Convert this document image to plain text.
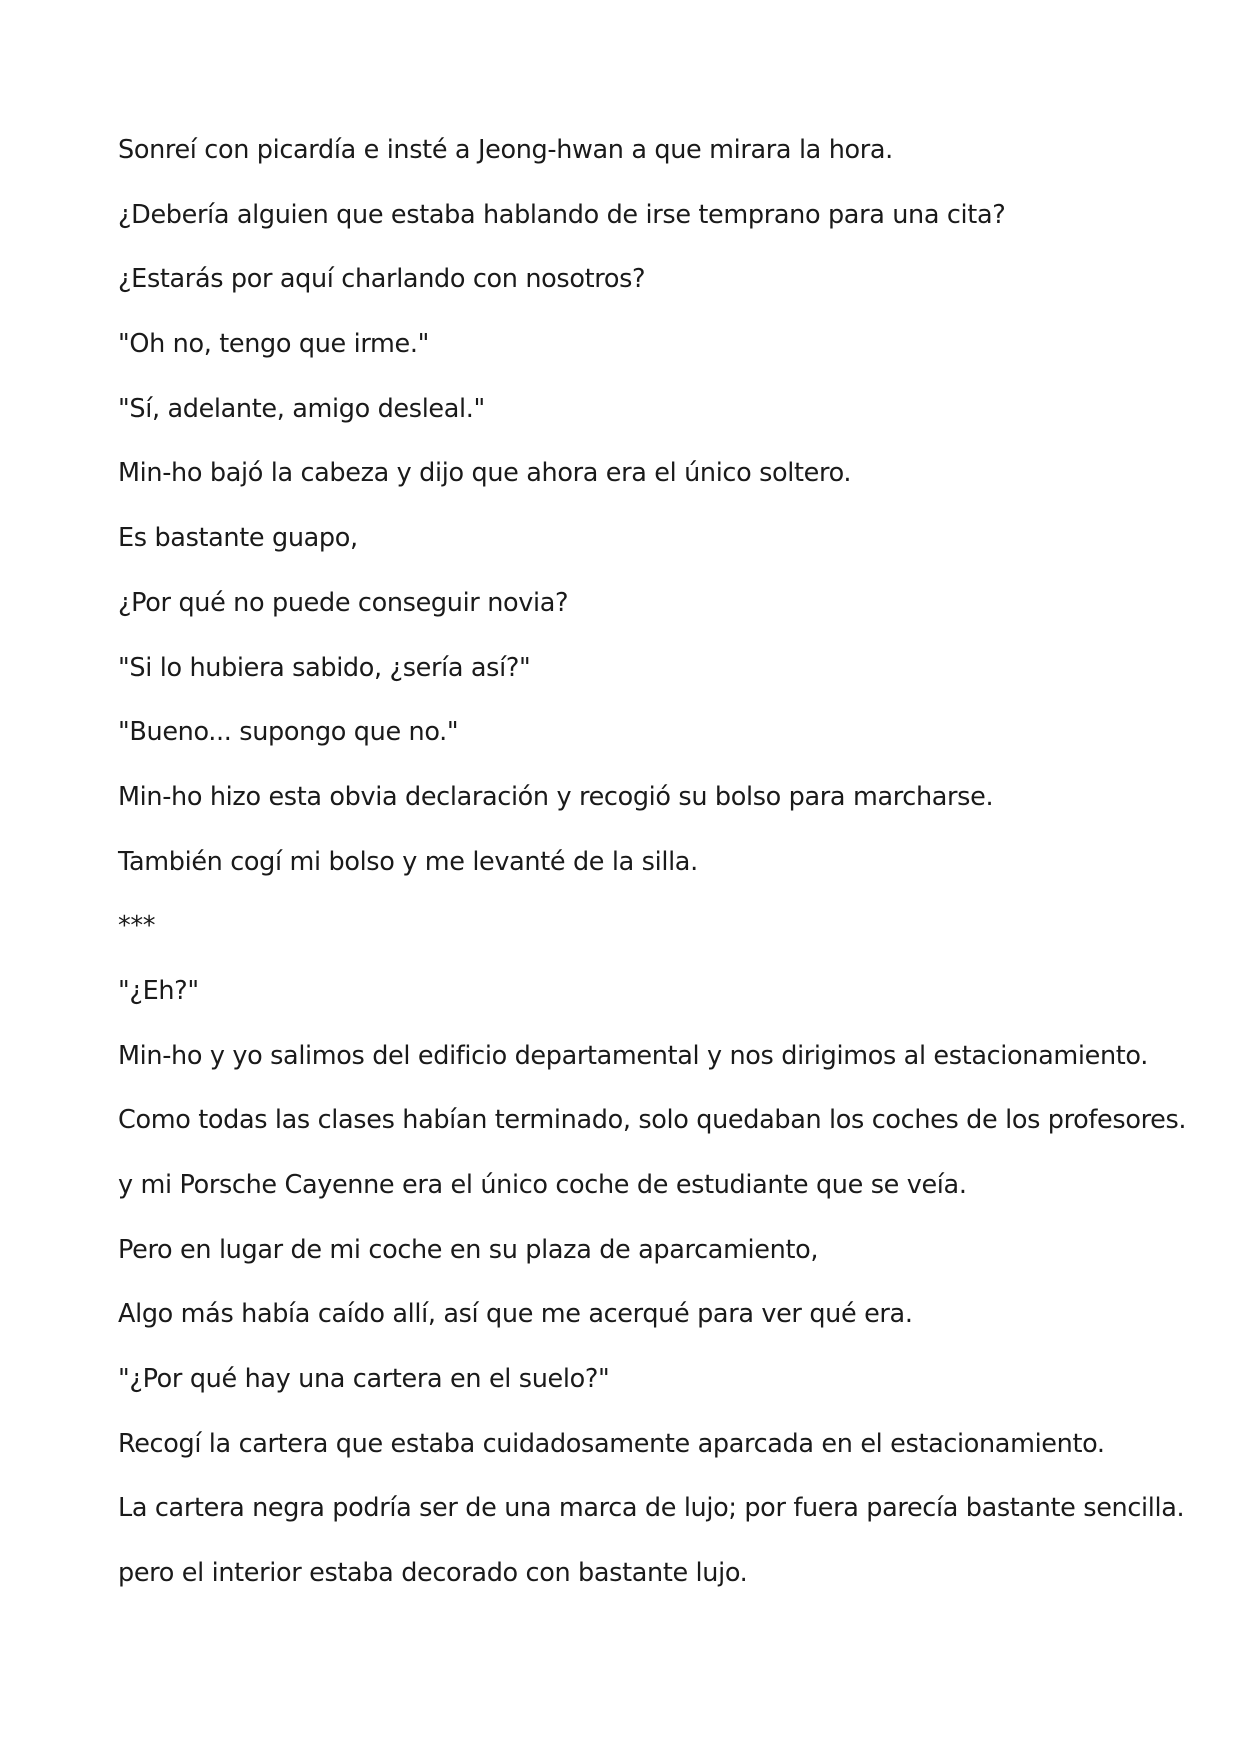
Sonreí con picardía e insté a Jeong-hwan a que mirara la hora.

¿Debería alguien que estaba hablando de irse temprano para una cita?

¿Estarás por aquí charlando con nosotros?

"Oh no, tengo que irme."

"Sí, adelante, amigo desleal."

Min-ho bajó la cabeza y dijo que ahora era el único soltero.

Es bastante guapo,

¿Por qué no puede conseguir novia?

"Si lo hubiera sabido, ¿sería así?"

"Bueno... supongo que no."

Min-ho hizo esta obvia declaración y recogió su bolso para marcharse.

También cogí mi bolso y me levanté de la silla.

***

"¿Eh?"

Min-ho y yo salimos del edificio departamental y nos dirigimos al estacionamiento.

Como todas las clases habían terminado, solo quedaban los coches de los profesores.

y mi Porsche Cayenne era el único coche de estudiante que se veía.

Pero en lugar de mi coche en su plaza de aparcamiento,

Algo más había caído allí, así que me acerqué para ver qué era.

"¿Por qué hay una cartera en el suelo?"

Recogí la cartera que estaba cuidadosamente aparcada en el estacionamiento.

La cartera negra podría ser de una marca de lujo; por fuera parecía bastante sencilla.

pero el interior estaba decorado con bastante lujo.
